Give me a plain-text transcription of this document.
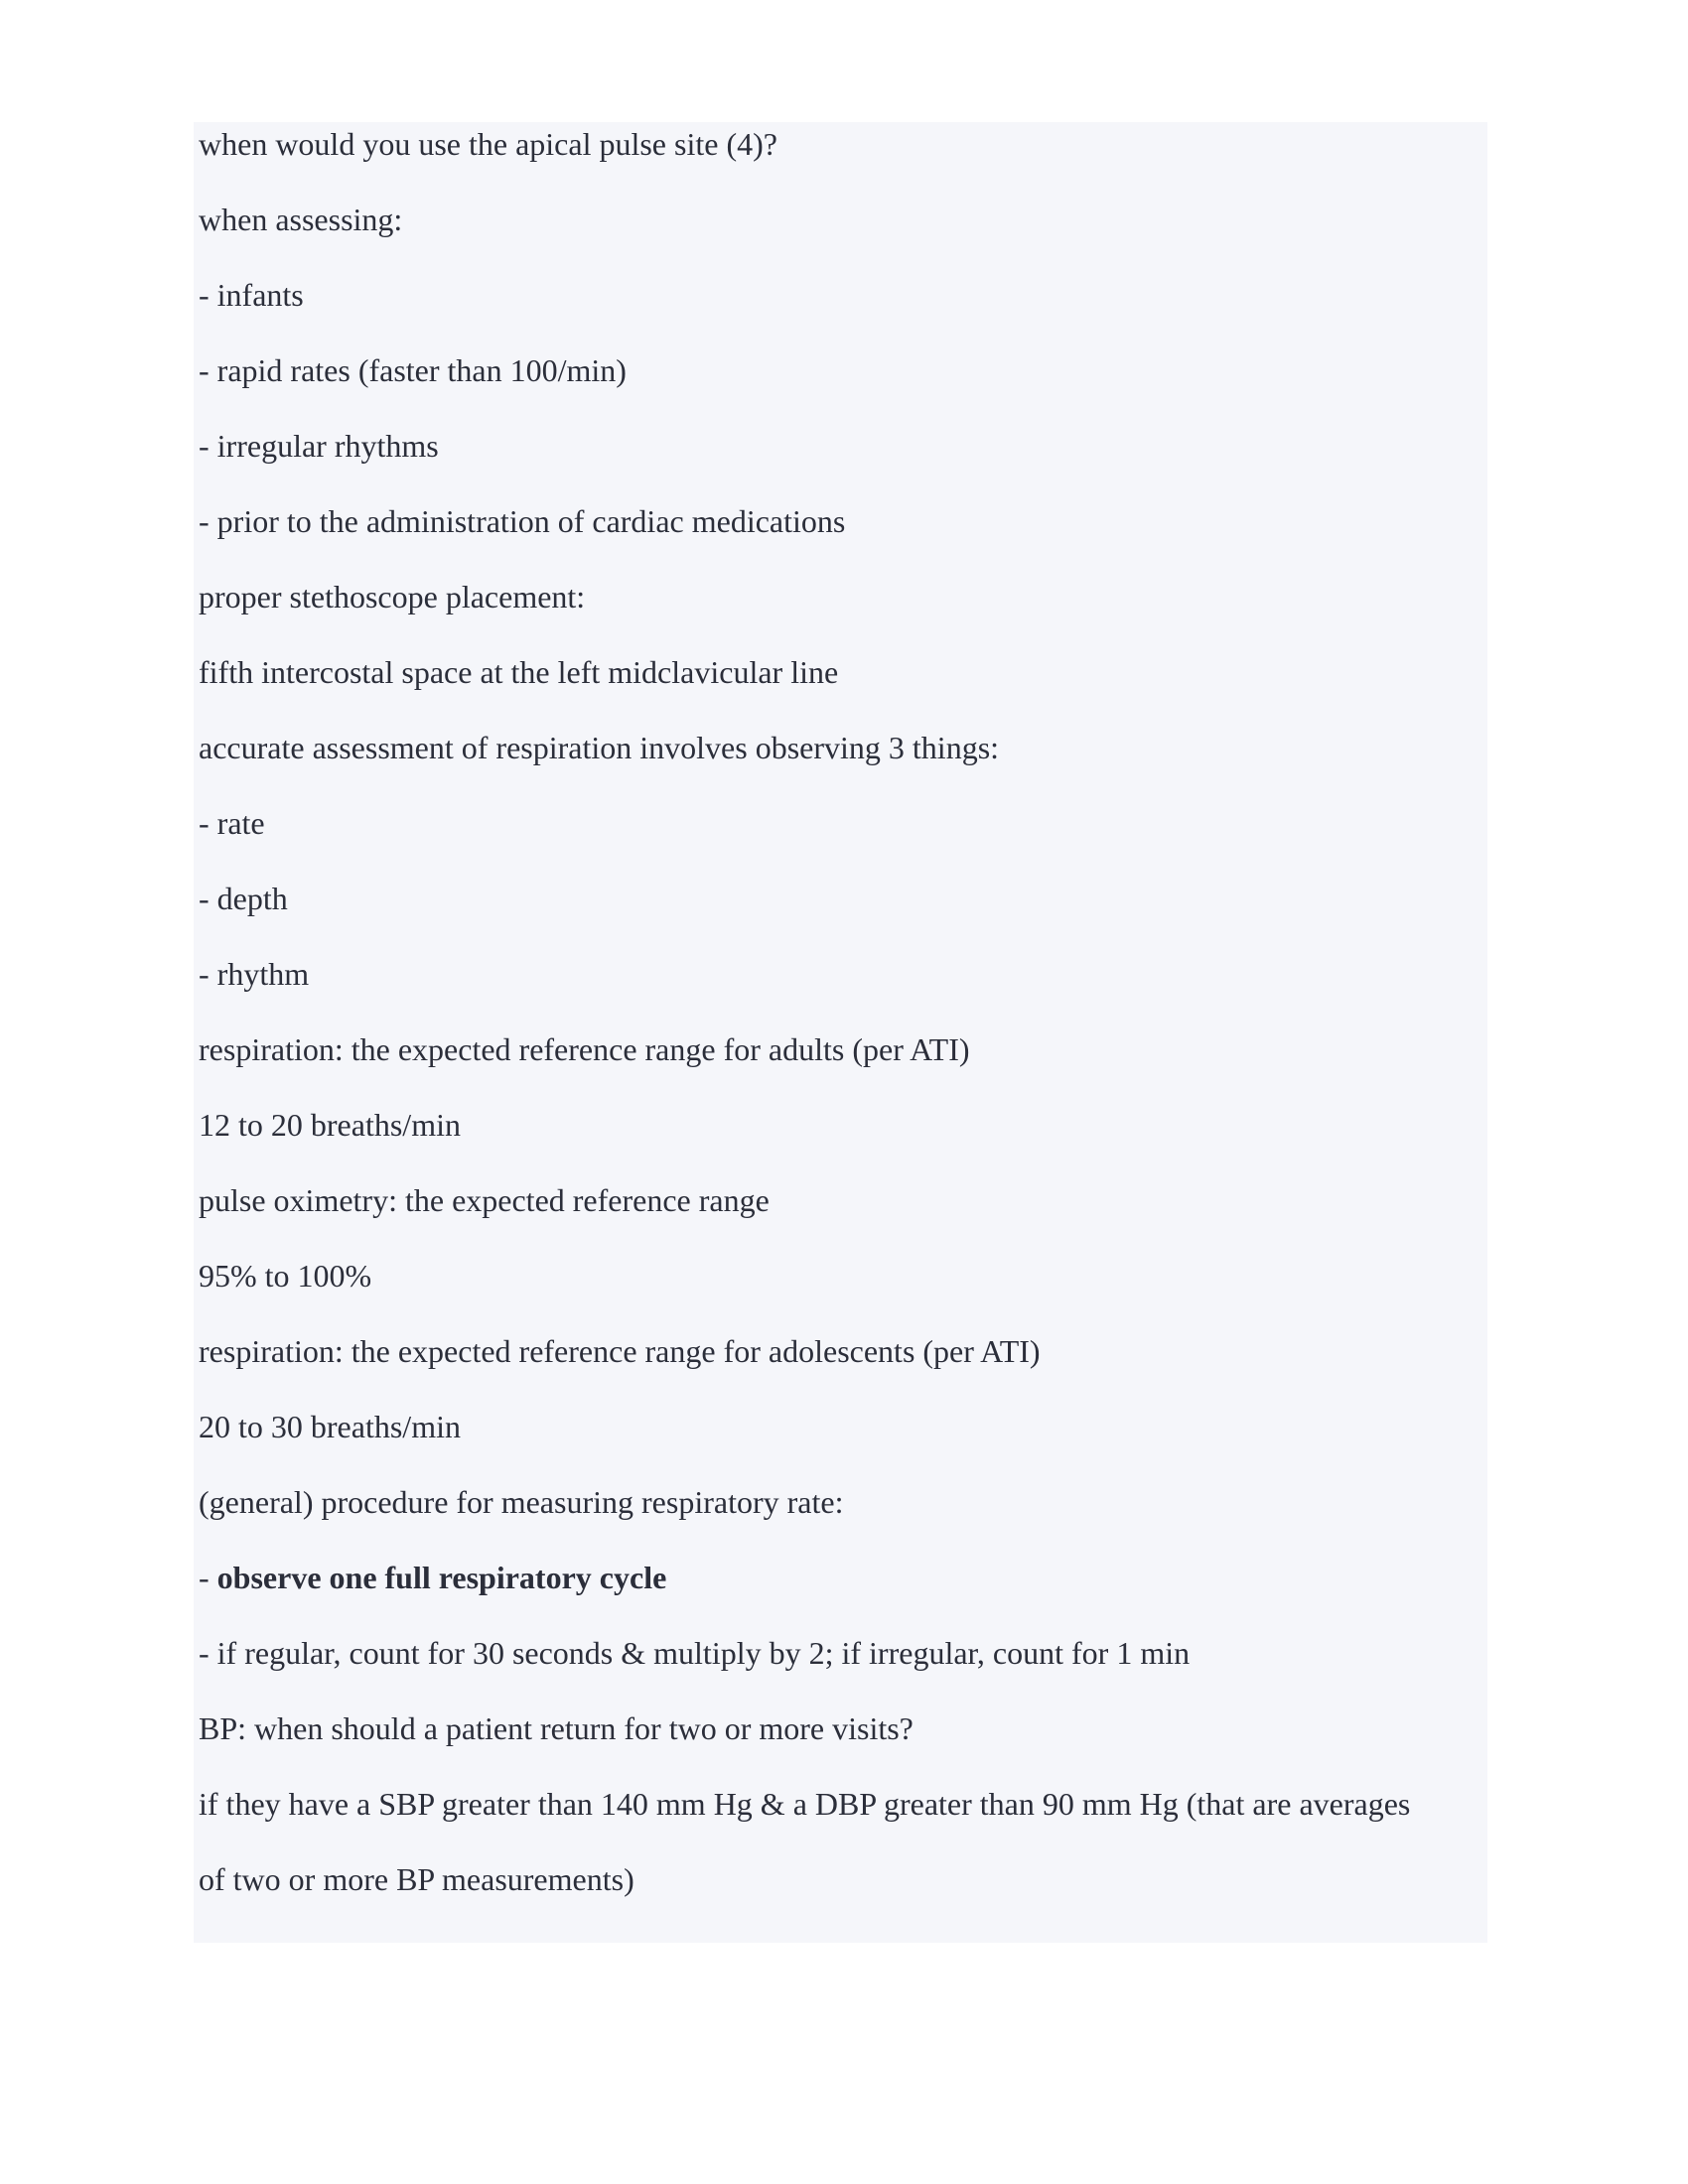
when would you use the apical pulse site (4)?
when assessing:
- infants
- rapid rates (faster than 100/min)
- irregular rhythms
- prior to the administration of cardiac medications
proper stethoscope placement:
fifth intercostal space at the left midclavicular line
accurate assessment of respiration involves observing 3 things:
- rate
- depth
- rhythm
respiration: the expected reference range for adults (per ATI)
12 to 20 breaths/min
pulse oximetry: the expected reference range
95% to 100%
respiration: the expected reference range for adolescents (per ATI)
20 to 30 breaths/min
(general) procedure for measuring respiratory rate:
- observe one full respiratory cycle
- if regular, count for 30 seconds & multiply by 2; if irregular, count for 1 min
BP: when should a patient return for two or more visits?
if they have a SBP greater than 140 mm Hg & a DBP greater than 90 mm Hg (that are averages
of two or more BP measurements)
